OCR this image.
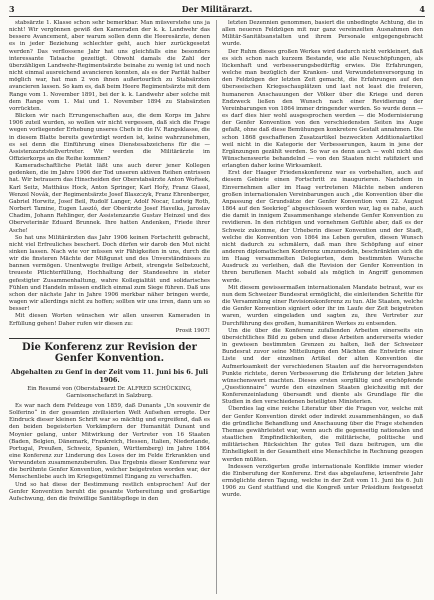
3	Der Militärarzt.	4

stabsärzte 1. Klasse schon sehr bemerkbar. Man müsverstehe uns ja nicht! Wir vergönnen gewiß den Kameraden der k. k. Landwehr das bessere Avancement, aber warum sollen denn die Heeresärzte, denen es in jeder Beziehung schlechter geht, auch hier zurückgesetzt werden? Das verflossene Jahr hat uns gleichfalls eine besonders interessante Tatsache gezeitigt. Obwohl damals die Zahl der überzähligen Landwehr-Regimentsärzte beinahe zu wenig ist und noch nicht einmal ausreichend avancieren konnten, als es der Parität halber möglich war, hat man 2 von ihnen außertourlich zu Stabsärzten avancieren lassen. So kam es, daß beim Heere Regimentsärzte mit dem Range vom 1. November 1891, bei der k. k. Landwehr aber solche mit dem Range vom 1. Mai und 1. November 1894 zu Stabsärzten vorrückten.

Blicken wir nach Errungenschaften aus, die dem Korps im Jahre 1906 zuteil wurden, so wollen wir nicht vergessen, daß sich die Frage wegen vorliegender Erhebung unseres Chefs in die IV. Rangsklasse, die in diesem Blatte bereits gewürdigt worden ist, keine wahrzunehmen, es sei denn die Einführung eines Dienstesabzeichens für die — Assistenzarztstellvertreter. Wir werden die Militärärzte im Offizierkorps an die Reihe kommen?

Kameradschaftliche Pietät läßt uns auch derer jener Kollegen gedenken, die im Jahre 1906 der Tod unseren aktiven Reihen entrissen hat. Wir betrauern das Hinscheiden der Oberstabsärzte Anton Wořisek, Karl Seitz, Matthäus Hock, Anton Springer, Karl Hořy, Franz Glassl, Wenzel Novák, der Regimentsärzte Josef Blaszczyk, Franz Ehrenberger, Gabriel Horwitz, Josef Beil, Rudolf Langer, Adolf Nocar, Ludwig Roth, Norbert Tamine, Eugen Laszló, der Oberärzte Josef Havelka, Jaroslav Chadim, Johann Rehlinger, der Assistenzarzte Gustav Heinzel und des Oberveterinär Eduard Brunnek. Ihre hatten Andenken, Friede ihrer Asche!

So hat uns Militärärzten das Jahr 1906 keinen Fortschritt gebracht, nicht viel Erfreuliches beschert. Doch dürfen wir darob den Mut nicht sinken lassen. Nach wie vor müssen wir Fähigkeiten in uns, durch die wir die finsteren Mächte der Mißgunst und des Unverständnisses zu bannen vermögen. Unentwegte freilige Arbeit, strengste Selbstzucht, treueste Pflichterfüllung, Hochhaltung der Standesehre in steter gefestigter Zusammenhaltung, wahre Kollegialität und solidarisches Fühlen und Handeln müssen endlich einmal zum Siege führen. Daß uns schon der nächste Jahr in Jahre 1906 merkbar näher bringen werde, wagen wir allerdings nicht zu hoffen; sollten wir uns irren, dann um so besser!

Mit diesen Worten wünschen wir allen unseren Kameraden in Erfüllung gehen! Daher rufen wir diesen zu:

Prosit 1907!

Die Konferenz zur Revision der Genfer Konvention.
Abgehalten zu Genf in der Zeit vom 11. Juni bis 6. Juli 1906.
Ein Resumé von (Oberstabsarzt Dr. ALFRED SCHÜCKING, Garnisonschefarzt in Salzburg.

Es war nach dem Feldzuge von 1859, daß Dunants „Un souvenir de Solferino“ in der gesamten zivilisierten Welt Aufsehen erregte. Der Eindruck dieser kleinen Schrift war so mächtig und ergreifend, daß es den beiden begeisterten Vorkämpfern der Humanität Dunant und Moynier gelang, unter Mitwirkung der Vertreter von 16 Staaten (Baden, Belgien, Dänemark, Frankreich, Hessen, Italien, Niederlande, Portugal, Preußen, Schweiz, Spanien, Württemberg) im Jahre 1864 eine Konferenz zur Linderung des Loses der im Felde Erkrankten und Verwundeten zusammenzuberufen. Das Ergebnis dieser Konferenz war die berühmte Genfer Konvention, welcher beigetreten worden war, der Menschenliebe auch im Kriegsgetümmel Eingang zu verschaffen.

Und so hat diese der Bestimmung restlich entsprochen! Auf der Genfer Konvention beruht die gesamte Vorbereitung und großartige Aufschwung, den die freiwillige Sanitätspflege in den

letzten Dezennien genommen, basiert die unbedingte Achtung, die in allen neueren Feldzügen mit nur ganz vereinzelten Ausnahmen den Militär-Sanitätsanstalten und ihrem Personale entgegengebracht wurde.

Der Ruhm dieses großen Werkes wird dadurch nicht verkleinert, daß es sich schon nach kurzem Bestande, wie alle Neuschöpfungen, als lückenhaft und verbesserungsbedürftig erwies. Die Erfahrungen, welche man bezüglich der Kranken- und Verwundetenversorgung in den Feldzügen der letzten Zeit gemacht, die Erfahrungen auf den überseeischen Kriegsschauplätzen und last not least die freieren, humaneren Anschauungen der Völker über die Kriege und deren Endzweck ließen den Wunsch nach einer Revidierung der Vereinbarungen von 1864 immer dringender werden. So wurde denn — es darf dies hier wohl ausgesprochen werden — die Modernisierung der Genfer Konvention von den verschiedensten Seiten ins Auge gefaßt, ohne daß diese Bemühungen konkretere Gestalt annahmen. Die schon 1868 geschaffenen Zusatzartikel bezweckten Additionalartikel weil nicht in die Kategorie der Verbesserungen, kaum in jene der Ergänzungen gezählt werden. So war es denn auch — wohl nicht das Wünschenswerte behandelnd — von den Staaten nicht ratifiziert und erlangten daher keine Wirksamkeit.

Erst der Haager Friedenskonferenz war es vorbehalten, auch auf diesem Gebiete einen Fortschritt zu inaugurieren. Nachdem in Einvernehmen aller im Haag vertretenen Mächte neben anderen großen internationalen Vereinbarungen auch „die Konvention über die Anpassung der Grundsätze der Genfer Konvention vom 22. August 1864 auf den Seekrieg“ abgeschlossen worden war, lag es nahe, auch die damit in innigem Zusammenhange stehende Genfer Konvention zu revidieren. In den richtigen und vornehmen Gefühle aber, daß es der Schweiz zukomme, der Urheberin dieser Konvention und der Stadt, welche die Konvention von 1864 ins Leben gerufen, diesen Wunsch nicht dadurch zu schmälern, daß man ihre Schöpfung auf einer anderen diplomatischen Konferenz umzumodeln, beschränkten sich die im Haag versammelten Delegierten, dem bestimmten Wunsche Ausdruck zu verleihen, daß die Revision der Genfer Konvention in thren beruflenen Macht sobald als möglich in Angriff genommen werde.

Mit diesem gewissermaßen internationalen Mandate betraut, war es nun dem Schweizer Bundesrat ermöglicht, die einleitenden Schritte für die Versammlung einer Revisionskonferenz zu tun. Alle Staaten, welche die Genfer Konvention signiert oder ihr im Laufe der Zeit beigetreten waren, wurden eingeladen und sagten zu, ihre Vertreter zur Durchführung des großen, humanitären Werkes zu entsenden.

Um die über die Konferenz zufallenden Arbeiten einerseits ein übersichtliches Bild zu geben und diese Arbeiten andererseits wieder in gewissen bestimmten Grenzen zu halten, ließ der Schweizer Bundesrat zuvor seine Mitteilungen den Mächten die Entwürfe einer Liste und der einzelnen Artikel der alten Konvention die Aufmerksamkeit der verschiedenen Staaten auf die hervorragendsten Punkte richtete, deren Verbesserung die Erfahrung der letzten Jahre wünschenswert machten. Dieses ersten sorgfältig und erschöpfende „Questionnaire“ wurde den einzelnen Staaten gleichzeitig mit der Konferenzeinladung übersandt und diente als Grundlage für die Studien in den verschiedenen beteiligten Ministerien.

Überdies lag eine reiche Literatur über die Fragen vor, welche mit der Genfer Konvention direkt oder indirekt zusammenhängen, so daß die gründliche Behandlung und Anschauung über die Frage stehenden Themas gewährleistet war, wenn auch die gegenseitig nationalen und staatlichen Empfindlichkeiten, die militärische, politische und militärischen Rücksichten Ihr gutes Teil dazu beitrugen, um die Einhelligkeit in der Gesamtheit eine Menschliche in Rechnung gezogen werden müßten.

Indessen verzögerten große internationale Konflikte immer wieder die Einberufung der Konferenz. Erst das abgelaufene, krisenfreie Jahr ermöglichte deren Tagung, welche in der Zeit vom 11. Juni bis 6. Juli 1906 zu Genf stattfand und die Kongreß unter Präsidium festgesetzt wurde.
